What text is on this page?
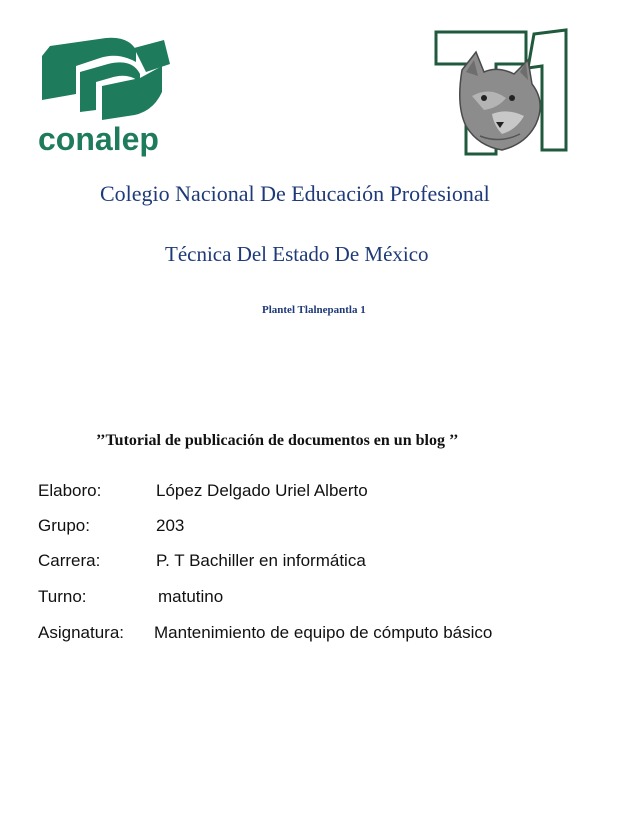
conalep
Colegio Nacional De Educación Profesional
Técnica Del Estado De México
Plantel Tlalnepantla 1
’’Tutorial de publicación de documentos en un blog ’’
Elaboro:	López Delgado Uriel Alberto
Grupo:	203
Carrera:	P. T Bachiller en informática
Turno:	matutino
Asignatura: Mantenimiento de equipo de cómputo básico
